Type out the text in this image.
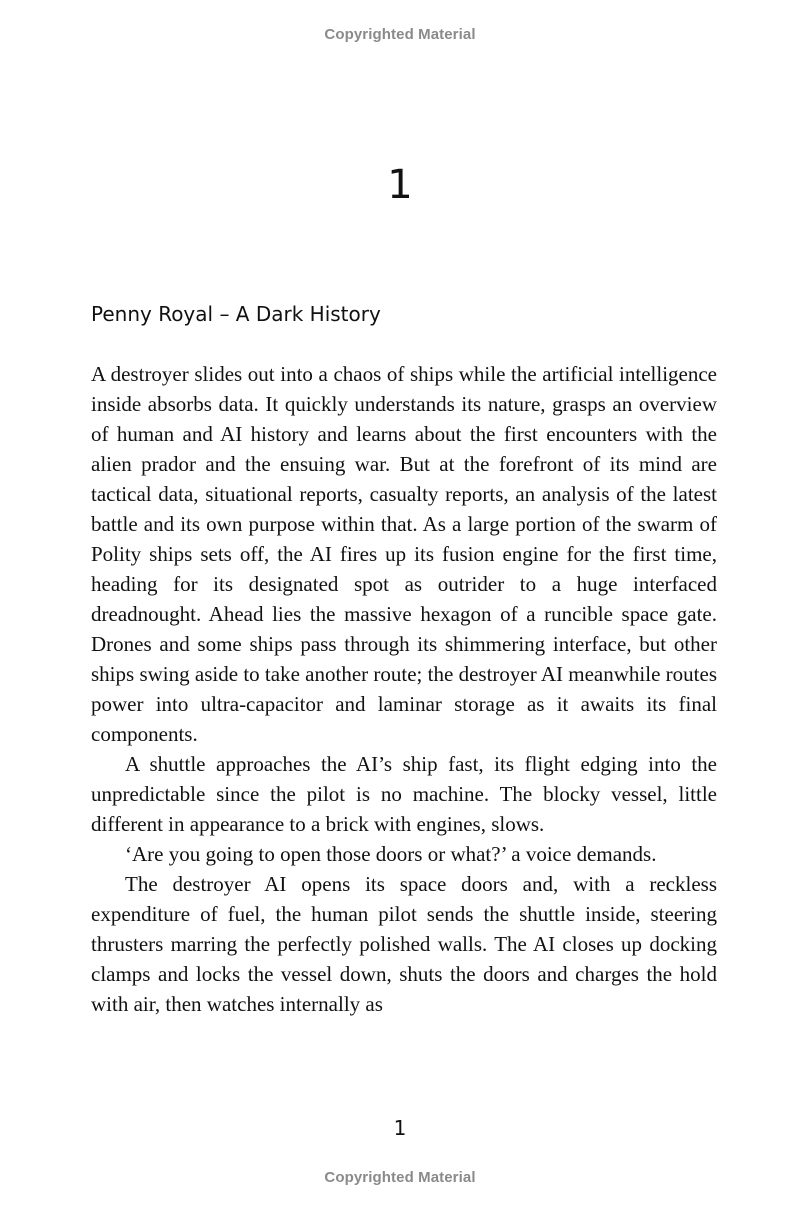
Copyrighted Material
1
Penny Royal – A Dark History

A destroyer slides out into a chaos of ships while the artificial intelligence inside absorbs data. It quickly understands its nature, grasps an overview of human and AI history and learns about the first encounters with the alien prador and the ensuing war. But at the forefront of its mind are tactical data, situational reports, casualty reports, an analysis of the latest battle and its own purpose within that. As a large portion of the swarm of Polity ships sets off, the AI fires up its fusion engine for the first time, heading for its designated spot as outrider to a huge interfaced dreadnought. Ahead lies the massive hexagon of a runcible space gate. Drones and some ships pass through its shimmering interface, but other ships swing aside to take another route; the destroyer AI meanwhile routes power into ultra-capacitor and laminar storage as it awaits its final components.

A shuttle approaches the AI’s ship fast, its flight edging into the unpredictable since the pilot is no machine. The blocky vessel, little different in appearance to a brick with engines, slows.

‘Are you going to open those doors or what?’ a voice demands.

The destroyer AI opens its space doors and, with a reckless expenditure of fuel, the human pilot sends the shuttle inside, steering thrusters marring the perfectly polished walls. The AI closes up docking clamps and locks the vessel down, shuts the doors and charges the hold with air, then watches internally as

1
Copyrighted Material
